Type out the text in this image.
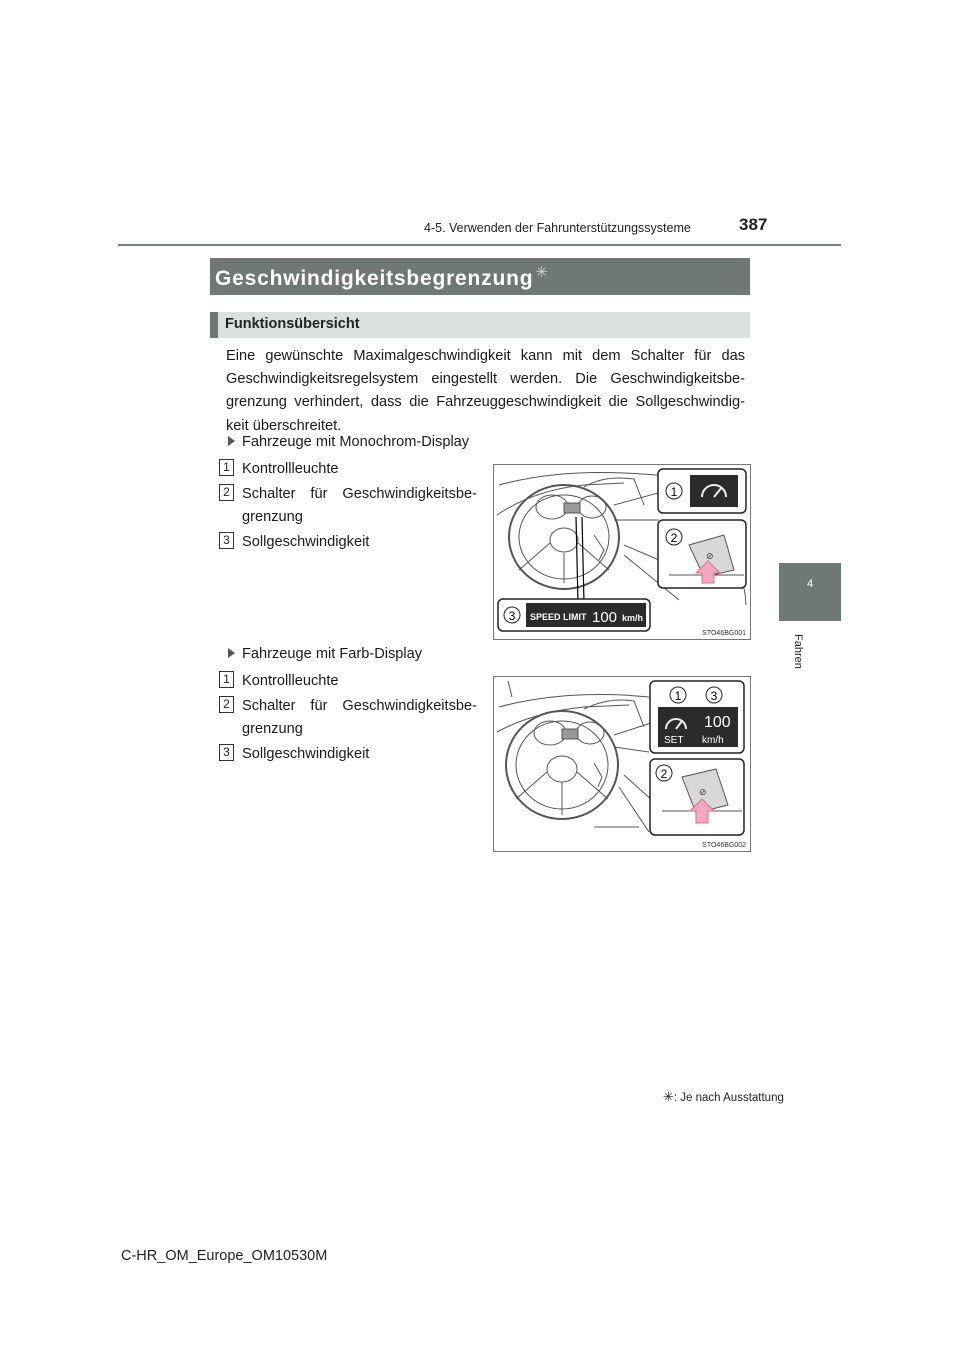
4-5. Verwenden der Fahrunterstützungssysteme	387
4
Fahren
Geschwindigkeitsbegrenzung ✳
Funktionsübersicht

Eine gewünschte Maximalgeschwindigkeit kann mit dem Schalter für das Geschwindigkeitsregelsystem eingestellt werden. Die Geschwindigkeitsbe-grenzung verhindert, dass die Fahrzeuggeschwindigkeit die Sollgeschwindig-keit überschreitet.

Fahrzeuge mit Monochrom-Display
1 Kontrollleuchte
2 Schalter für Geschwindigkeitsbe-
grenzung
3 Sollgeschwindigkeit
1
2
⊘
3 SPEED LIMIT 100 km/h
STO46BG001
Fahrzeuge mit Farb-Display
1 Kontrollleuchte
2 Schalter für Geschwindigkeitsbe-
grenzung
3 Sollgeschwindigkeit
1 3
100
SET km/h
2
⊘
STO46BG002
✳: Je nach Ausstattung
C-HR_OM_Europe_OM10530M
